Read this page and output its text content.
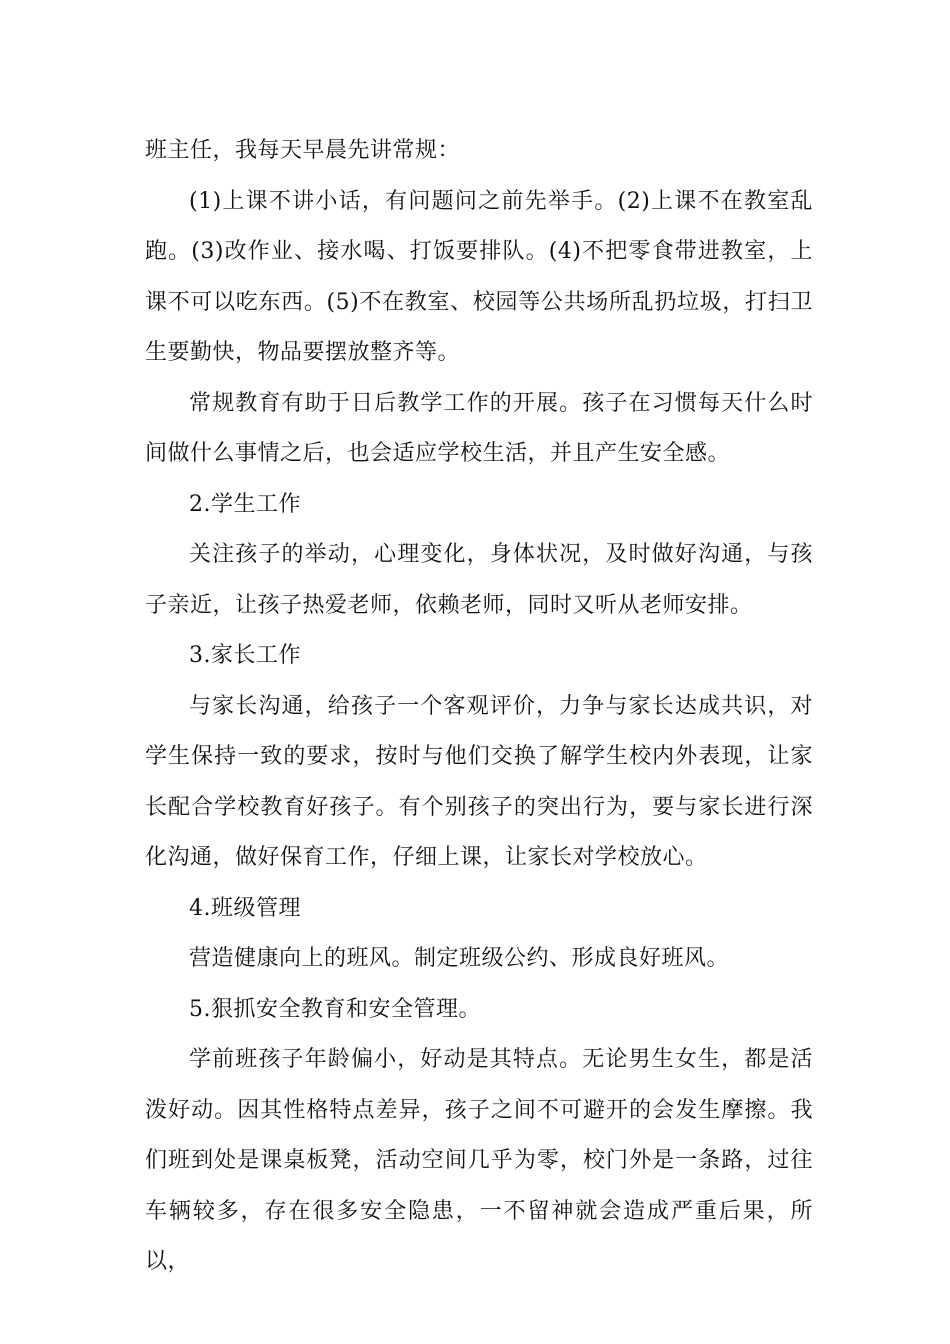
班主任，我每天早晨先讲常规：

(1)上课不讲小话，有问题问之前先举手。(2)上课不在教室乱跑。(3)改作业、接水喝、打饭要排队。(4)不把零食带进教室，上课不可以吃东西。(5)不在教室、校园等公共场所乱扔垃圾，打扫卫生要勤快，物品要摆放整齐等。

常规教育有助于日后教学工作的开展。孩子在习惯每天什么时间做什么事情之后，也会适应学校生活，并且产生安全感。

2.学生工作

关注孩子的举动，心理变化，身体状况，及时做好沟通，与孩子亲近，让孩子热爱老师，依赖老师，同时又听从老师安排。

3.家长工作

与家长沟通，给孩子一个客观评价，力争与家长达成共识，对学生保持一致的要求，按时与他们交换了解学生校内外表现，让家长配合学校教育好孩子。有个别孩子的突出行为，要与家长进行深化沟通，做好保育工作，仔细上课，让家长对学校放心。

4.班级管理

营造健康向上的班风。制定班级公约、形成良好班风。

5.狠抓安全教育和安全管理。

学前班孩子年龄偏小，好动是其特点。无论男生女生，都是活泼好动。因其性格特点差异，孩子之间不可避开的会发生摩擦。我们班到处是课桌板凳，活动空间几乎为零，校门外是一条路，过往车辆较多，存在很多安全隐患，一不留神就会造成严重后果，所以，
